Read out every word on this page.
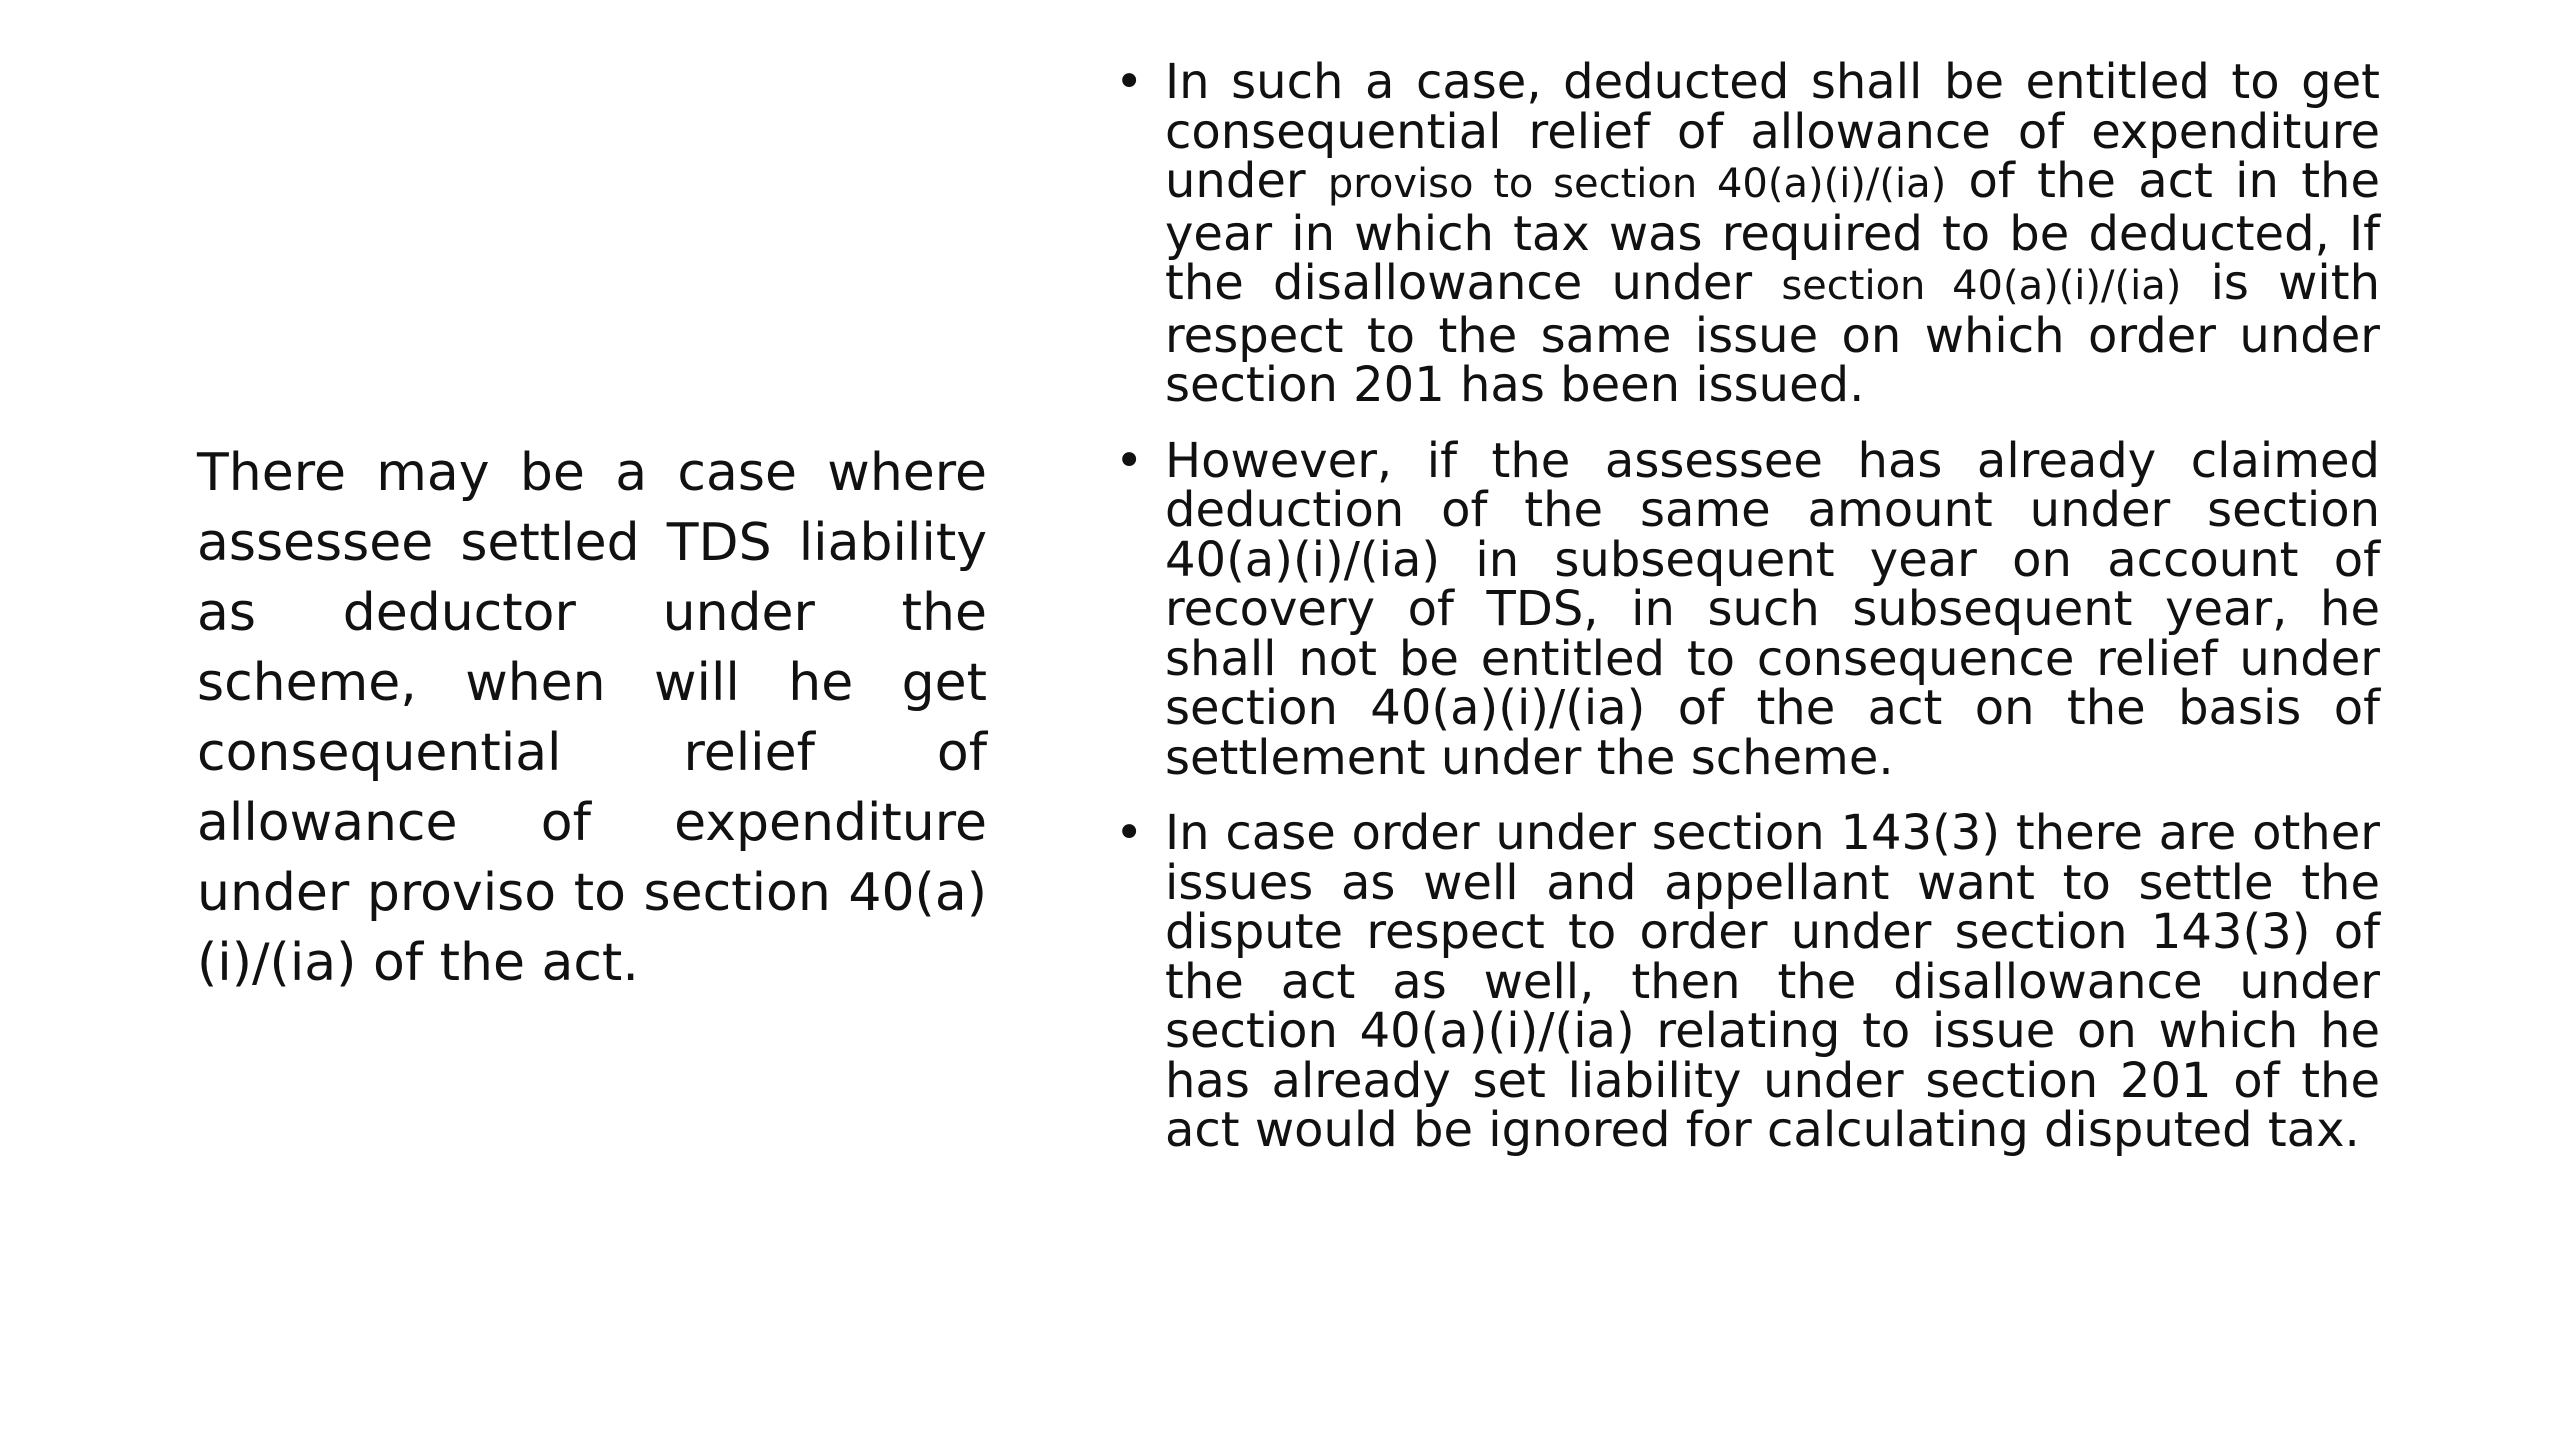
There may be a case where assessee settled TDS liability as deductor under the scheme, when will he get consequential relief of allowance of expenditure under proviso to section 40(a)(i)/(ia) of the act.

• In such a case, deducted shall be entitled to get consequential relief of allowance of expenditure under proviso to section 40(a)(i)/(ia) of the act in the year in which tax was required to be deducted, If the disallowance under section 40(a)(i)/(ia) is with respect to the same issue on which order under section 201 has been issued.
• However, if the assessee has already claimed deduction of the same amount under section 40(a)(i)/(ia) in subsequent year on account of recovery of TDS, in such subsequent year, he shall not be entitled to consequence relief under section 40(a)(i)/(ia) of the act on the basis of settlement under the scheme.
• In case order under section 143(3) there are other issues as well and appellant want to settle the dispute respect to order under section 143(3) of the act as well, then the disallowance under section 40(a)(i)/(ia) relating to issue on which he has already set liability under section 201 of the act would be ignored for calculating disputed tax.
